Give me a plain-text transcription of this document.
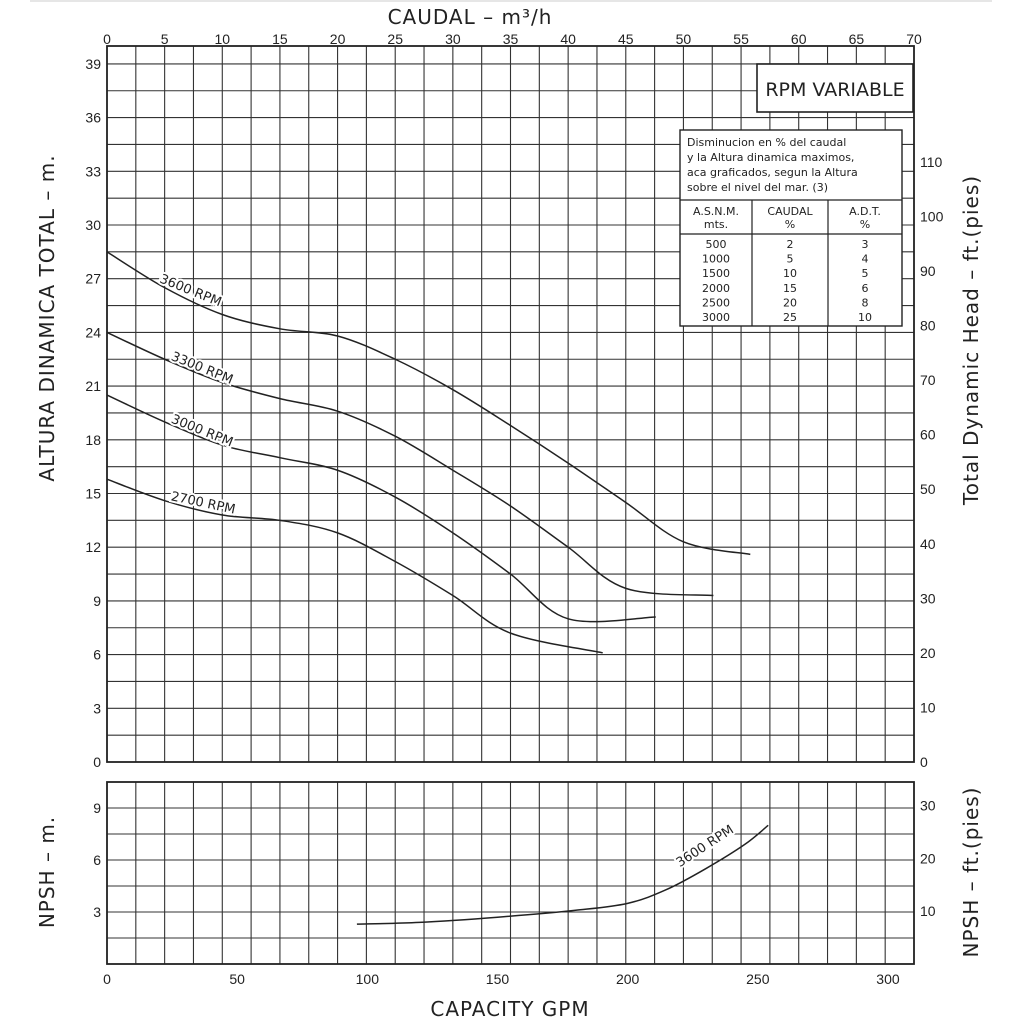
0	5	10	15	20	25	30	35	40	45	50	55	60	65	70
0
3
6
9
12
15
18
21
24
27
30
33
36
39
0
10
20
30
40
50
60
70
80
90
100
110
0	50	100	150	200	250	300
3
6
9
10
20
30
CAUDAL – m³/h
CAPACITY GPM
ALTURA DINAMICA TOTAL – m.	Total Dynamic Head – ft.(pies)
NPSH – m.	NPSH – ft.(pies)
3600 RPM
3300 RPM
3000 RPM
2700 RPM
3600 RPM
RPM VARIABLE
Disminucion en % del caudal
y la Altura dinamica maximos,
aca graficados, segun la Altura
sobre el nivel del mar. (3)
A.S.N.M.
mts.
CAUDAL
%
A.D.T.
%
500	2	3
1000	5	4
1500	10	5
2000	15	6
2500	20	8
3000	25	10
